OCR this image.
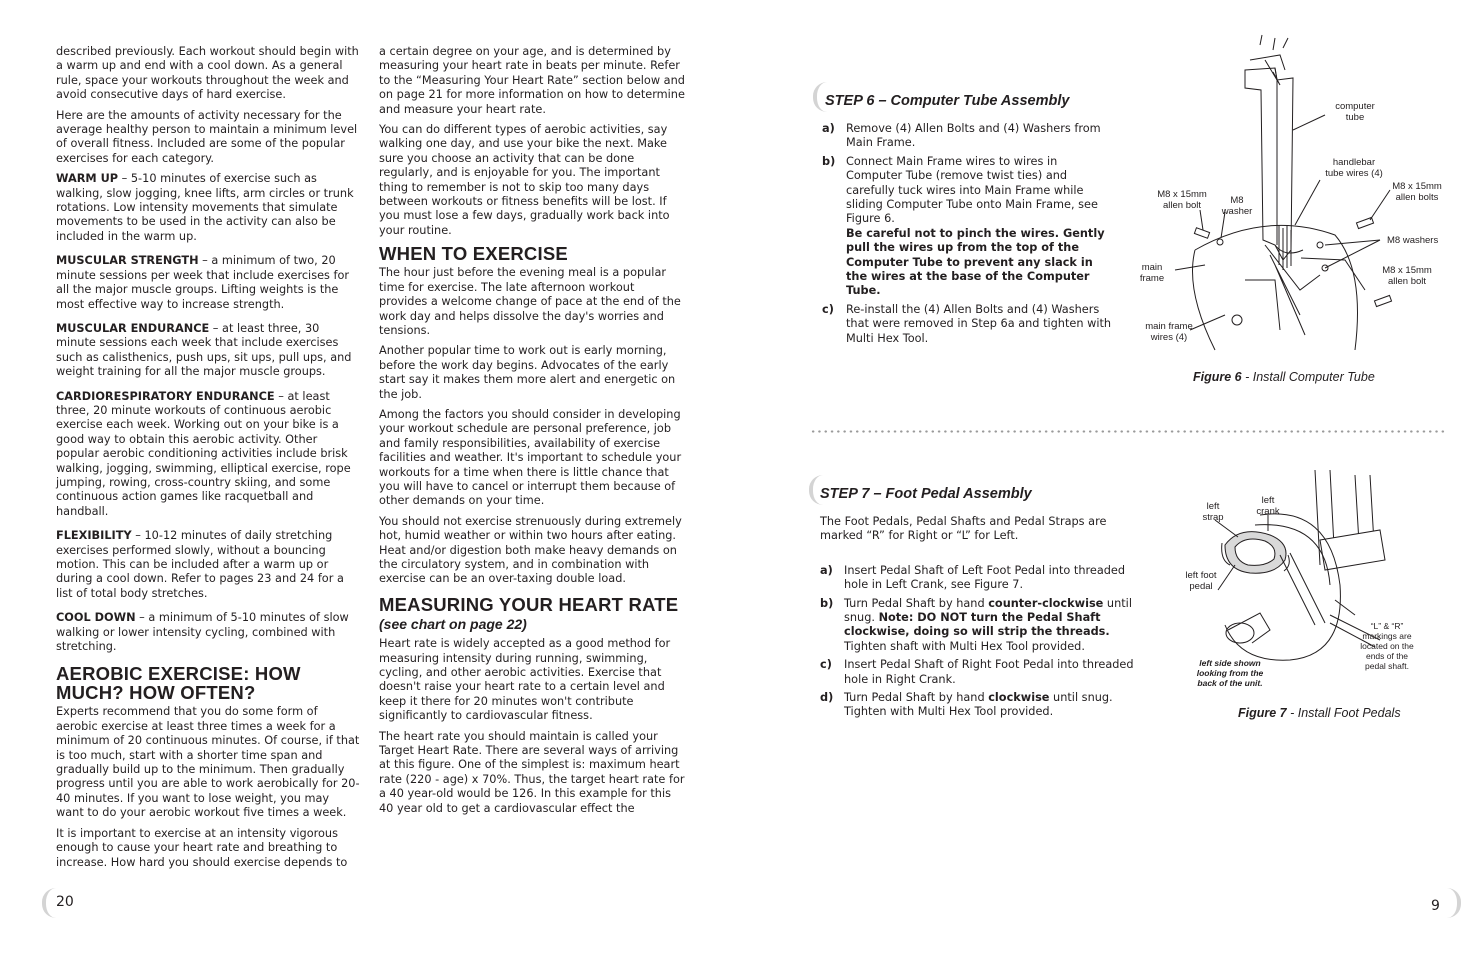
described previously. Each workout should begin with a warm up and end with a cool down. As a general rule, space your workouts throughout the week and avoid consecutive days of hard exercise.

Here are the amounts of activity necessary for the average healthy person to maintain a minimum level of overall fitness. Included are some of the popular exercises for each category.

WARM UP – 5-10 minutes of exercise such as walking, slow jogging, knee lifts, arm circles or trunk rotations. Low intensity movements that simulate movements to be used in the activity can also be included in the warm up.

MUSCULAR STRENGTH – a minimum of two, 20 minute sessions per week that include exercises for all the major muscle groups. Lifting weights is the most effective way to increase strength.

MUSCULAR ENDURANCE – at least three, 30 minute sessions each week that include exercises such as calisthenics, push ups, sit ups, pull ups, and weight training for all the major muscle groups.

CARDIORESPIRATORY ENDURANCE – at least three, 20 minute workouts of continuous aerobic exercise each week. Working out on your bike is a good way to obtain this aerobic activity. Other popular aerobic conditioning activities include brisk walking, jogging, swimming, elliptical exercise, rope jumping, rowing, cross-country skiing, and some continuous action games like racquetball and handball.

FLEXIBILITY – 10-12 minutes of daily stretching exercises performed slowly, without a bouncing motion. This can be included after a warm up or during a cool down. Refer to pages 23 and 24 for a list of total body stretches.

COOL DOWN – a minimum of 5-10 minutes of slow walking or lower intensity cycling, combined with stretching.

AEROBIC EXERCISE: HOW MUCH? HOW OFTEN?

Experts recommend that you do some form of aerobic exercise at least three times a week for a minimum of 20 continuous minutes. Of course, if that is too much, start with a shorter time span and gradually build up to the minimum. Then gradually progress until you are able to work aerobically for 20-40 minutes. If you want to lose weight, you may want to do your aerobic workout five times a week.

It is important to exercise at an intensity vigorous enough to cause your heart rate and breathing to increase. How hard you should exercise depends to

a certain degree on your age, and is determined by measuring your heart rate in beats per minute. Refer to the “Measuring Your Heart Rate” section below and on page 21 for more information on how to determine and measure your heart rate.

You can do different types of aerobic activities, say walking one day, and use your bike the next. Make sure you choose an activity that can be done regularly, and is enjoyable for you. The important thing to remember is not to skip too many days between workouts or fitness benefits will be lost. If you must lose a few days, gradually work back into your routine.

WHEN TO EXERCISE

The hour just before the evening meal is a popular time for exercise. The late afternoon workout provides a welcome change of pace at the end of the work day and helps dissolve the day's worries and tensions.

Another popular time to work out is early morning, before the work day begins. Advocates of the early start say it makes them more alert and energetic on the job.

Among the factors you should consider in developing your workout schedule are personal preference, job and family responsibilities, availability of exercise facilities and weather. It's important to schedule your workouts for a time when there is little chance that you will have to cancel or interrupt them because of other demands on your time.

You should not exercise strenuously during extremely hot, humid weather or within two hours after eating. Heat and/or digestion both make heavy demands on the circulatory system, and in combination with exercise can be an over-taxing double load.

MEASURING YOUR HEART RATE
(see chart on page 22)

Heart rate is widely accepted as a good method for measuring intensity during running, swimming, cycling, and other aerobic activities. Exercise that doesn't raise your heart rate to a certain level and keep it there for 20 minutes won't contribute significantly to cardiovascular fitness.

The heart rate you should maintain is called your Target Heart Rate. There are several ways of arriving at this figure. One of the simplest is: maximum heart rate (220 - age) x 70%. Thus, the target heart rate for a 40 year-old would be 126. In this example for this 40 year old to get a cardiovascular effect the

20
STEP 6 – Computer Tube Assembly
a) Remove (4) Allen Bolts and (4) Washers from Main Frame.
b) Connect Main Frame wires to wires in Computer Tube (remove twist ties) and carefully tuck wires into Main Frame while sliding Computer Tube onto Main Frame, see Figure 6.
Be careful not to pinch the wires. Gently pull the wires up from the top of the Computer Tube to prevent any slack in the wires at the base of the Computer Tube.
c)	Re-install the (4) Allen Bolts and (4) Washers that were removed in Step 6a and tighten with Multi Hex Tool.
computer
tube
handlebar
tube wires (4)
M8 x 15mm
allen bolt	M8
washer
M8 x 15mm
allen bolts
M8 washers
M8 x 15mm
allen bolt
main
frame
main frame
wires (4)
Figure 6 - Install Computer Tube
STEP 7 – Foot Pedal Assembly

The Foot Pedals, Pedal Shafts and Pedal Straps are marked “R” for Right or “L” for Left.

a) Insert Pedal Shaft of Left Foot Pedal into threaded hole in Left Crank, see Figure 7.
b) Turn Pedal Shaft by hand counter-clockwise until snug. Note: DO NOT turn the Pedal Shaft clockwise, doing so will strip the threads. Tighten shaft with Multi Hex Tool provided.
c)	Insert Pedal Shaft of Right Foot Pedal into threaded hole in Right Crank.
d) Turn Pedal Shaft by hand clockwise until snug. Tighten with Multi Hex Tool provided.
left
strap
left
crank
left foot
pedal
“L” & “R”
markings are
located on the
ends of the
pedal shaft.
left side shown
looking from the
back of the unit.
Figure 7 - Install Foot Pedals
9
